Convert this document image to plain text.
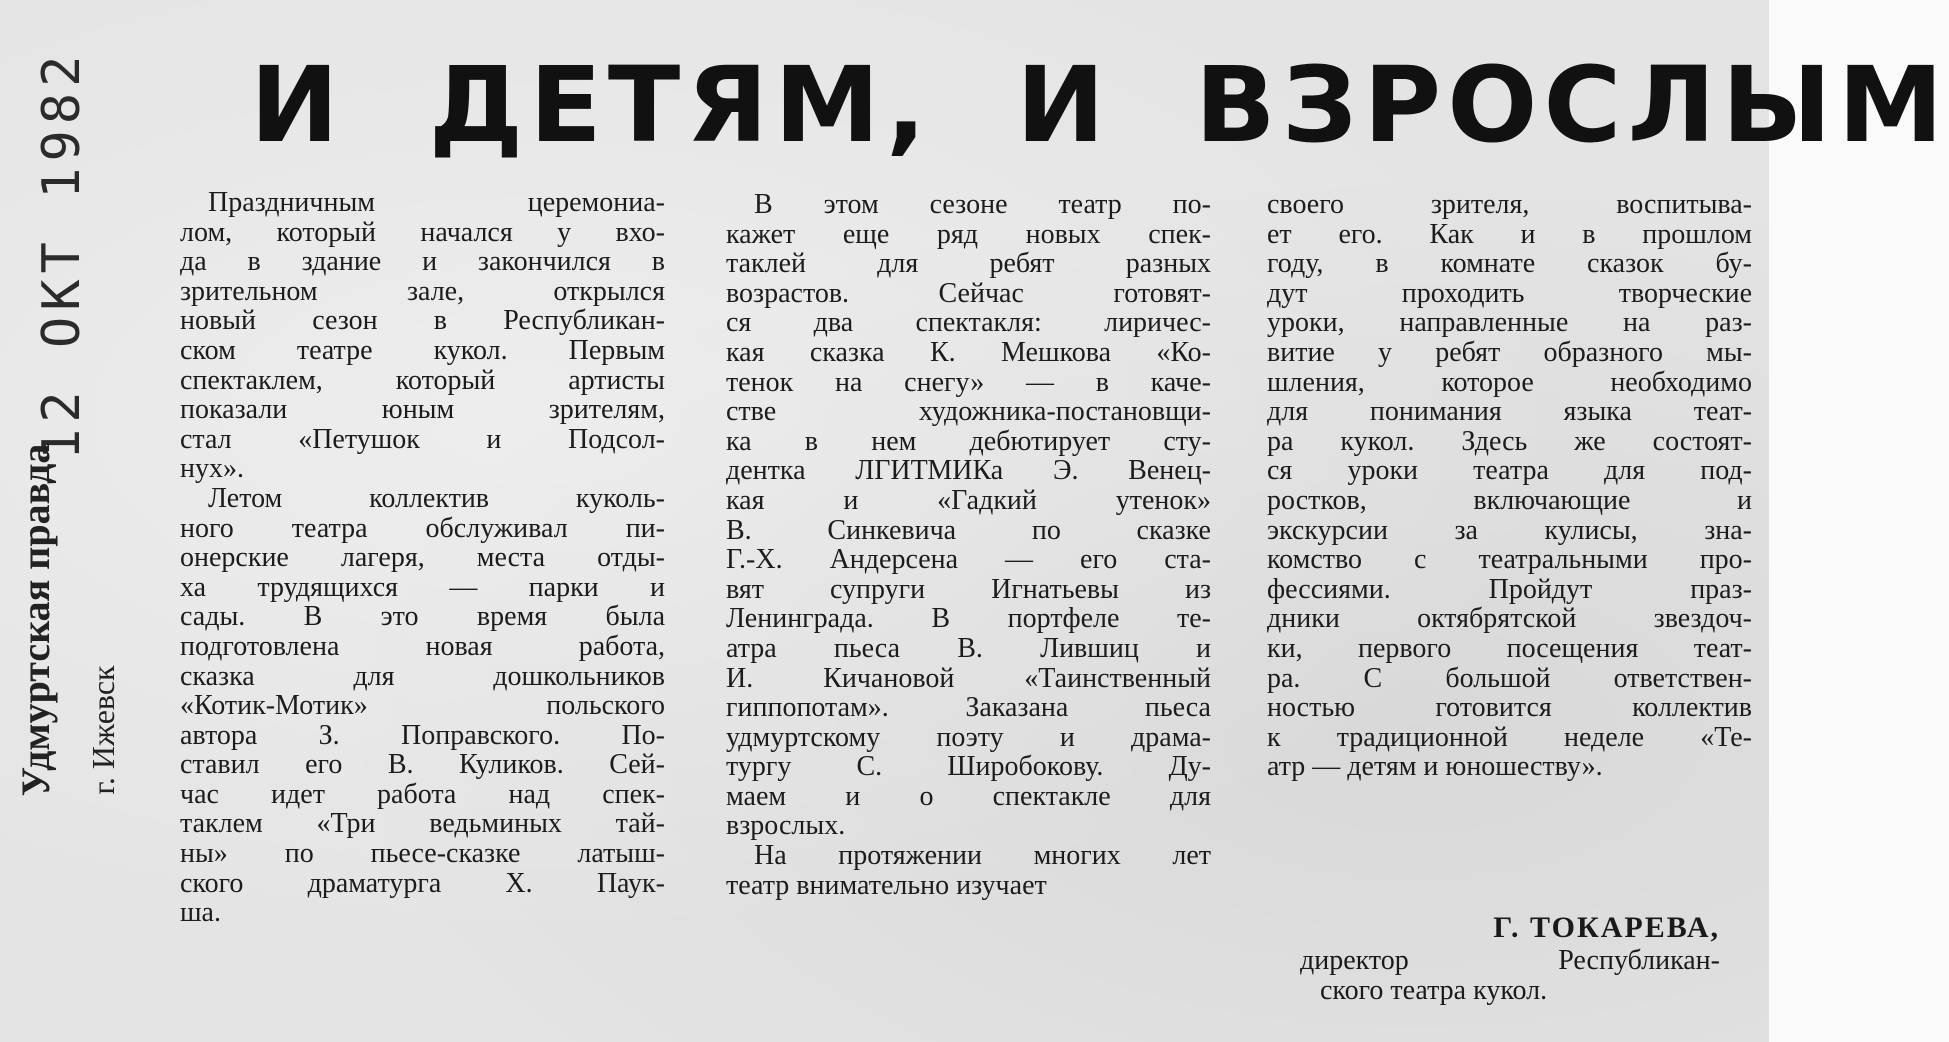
И ДЕТЯМ, И ВЗРОСЛЫМ
12 ОКТ 1982
Удмуртская правда г. Ижевск
 Праздничным церемониа-
лом, который начался у вхо-
да в здание и закончился в
зрительном зале, открылся
новый сезон в Республикан-
ском театре кукол. Первым
спектаклем, который артисты
показали юным зрителям,
стал «Петушок и Подсол-
нух».
 Летом коллектив куколь-
ного театра обслуживал пи-
онерские лагеря, места отды-
ха трудящихся — парки и
сады. В это время была
подготовлена новая работа,
сказка для дошкольников
«Котик-Мотик» польского
автора З. Поправского. По-
ставил его В. Куликов. Сей-
час идет работа над спек-
таклем «Три ведьминых тай-
ны» по пьесе-сказке латыш-
ского драматурга Х. Паук-
ша.
 В этом сезоне театр по-
кажет еще ряд новых спек-
таклей для ребят разных
возрастов. Сейчас готовят-
ся два спектакля: лиричес-
кая сказка К. Мешкова «Ко-
тенок на снегу» — в каче-
стве художника-постановщи-
ка в нем дебютирует сту-
дентка ЛГИТМИКа Э. Венец-
кая и «Гадкий утенок»
В. Синкевича по сказке
Г.-Х. Андерсена — его ста-
вят супруги Игнатьевы из
Ленинграда. В портфеле те-
атра пьеса В. Лившиц и
И. Кичановой «Таинственный
гиппопотам». Заказана пьеса
удмуртскому поэту и драма-
тургу С. Широбокову. Ду-
маем и о спектакле для
взрослых.
 На протяжении многих лет
театр внимательно изучает
своего зрителя, воспитыва-
ет его. Как и в прошлом
году, в комнате сказок бу-
дут проходить творческие
уроки, направленные на раз-
витие у ребят образного мы-
шления, которое необходимо
для понимания языка теат-
ра кукол. Здесь же состоят-
ся уроки театра для под-
ростков, включающие и
экскурсии за кулисы, зна-
комство с театральными про-
фессиями. Пройдут праз-
дники октябрятской звездоч-
ки, первого посещения теат-
ра. С большой ответствен-
ностью готовится коллектив
к традиционной неделе «Те-
атр — детям и юношеству».
Г. ТОКАРЕВА,
директор Республикан-
ского театра кукол.
